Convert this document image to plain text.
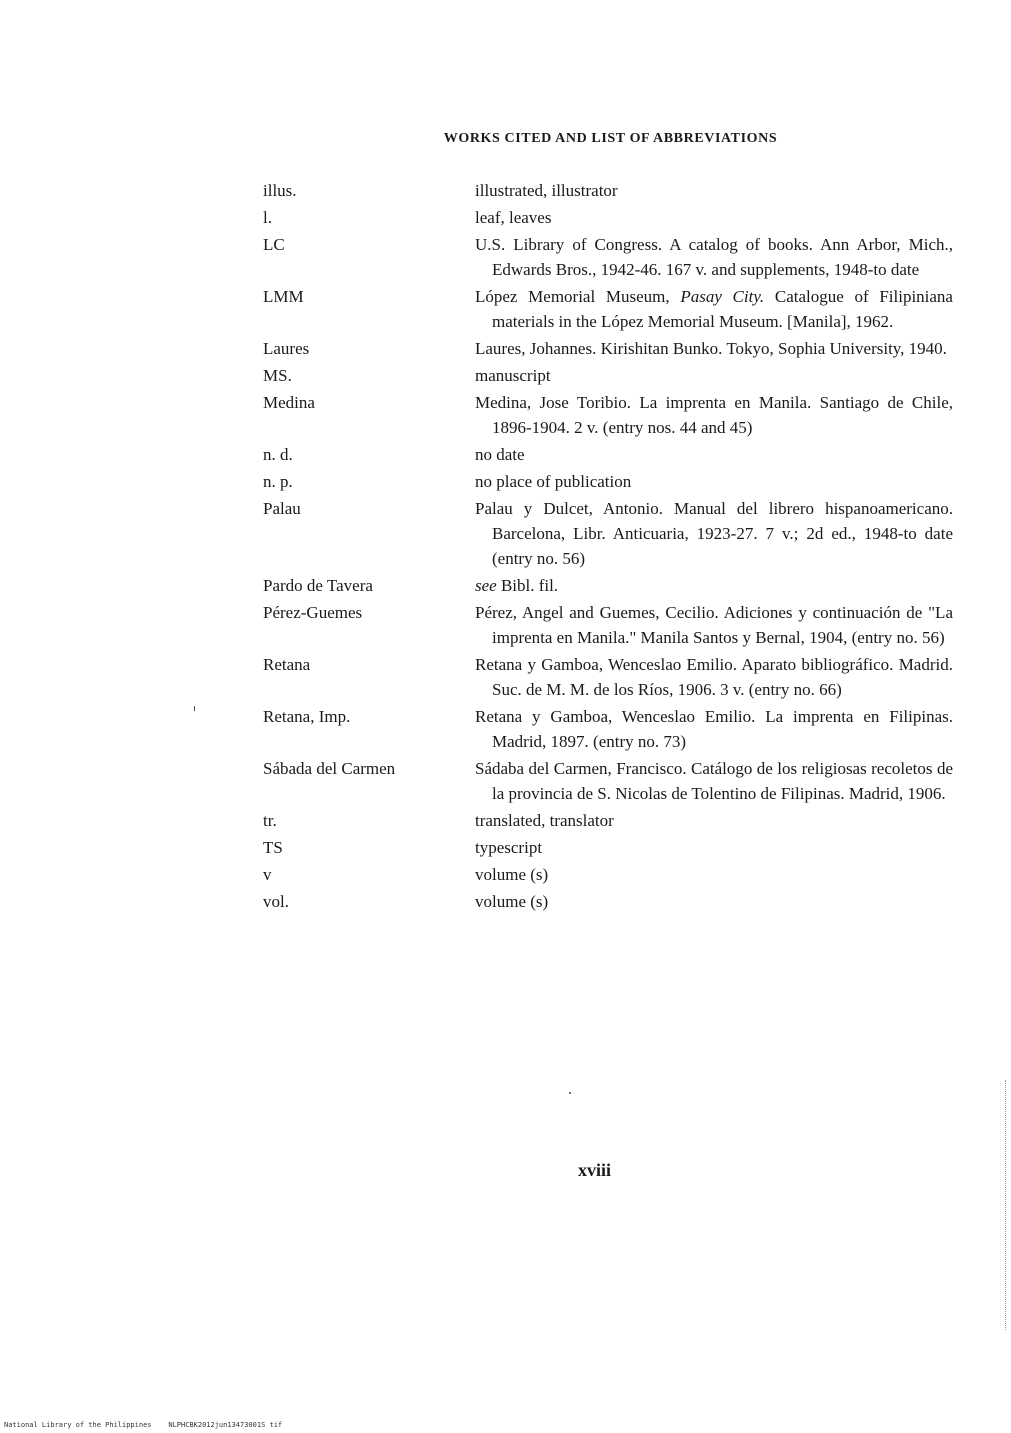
WORKS CITED AND LIST OF ABBREVIATIONS
illus.	illustrated, illustrator
l.	leaf, leaves
LC	U.S. Library of Congress. A catalog of books. Ann Arbor, Mich., Edwards Bros., 1942-46. 167 v. and supplements, 1948-to date
LMM	López Memorial Museum, Pasay City. Catalogue of Filipiniana materials in the López Memorial Museum. [Manila], 1962.
Laures	Laures, Johannes. Kirishitan Bunko. Tokyo, Sophia University, 1940.
MS.	manuscript
Medina	Medina, Jose Toribio. La imprenta en Manila. Santiago de Chile, 1896-1904. 2 v. (entry nos. 44 and 45)
n. d.	no date
n. p.	no place of publication
Palau	Palau y Dulcet, Antonio. Manual del librero hispanoamericano. Barcelona, Libr. Anticuaria, 1923-27. 7 v.; 2d ed., 1948-to date (entry no. 56)
Pardo de Tavera	see Bibl. fil.
Pérez-Guemes	Pérez, Angel and Guemes, Cecilio. Adiciones y continuación de "La imprenta en Manila." Manila Santos y Bernal, 1904, (entry no. 56)
Retana	Retana y Gamboa, Wenceslao Emilio. Aparato bibliográfico. Madrid. Suc. de M. M. de los Ríos, 1906. 3 v. (entry no. 66)
Retana, Imp.	Retana y Gamboa, Wenceslao Emilio. La imprenta en Filipinas. Madrid, 1897. (entry no. 73)
Sábada del Carmen	Sádaba del Carmen, Francisco. Catálogo de los religiosas recoletos de la provincia de S. Nicolas de Tolentino de Filipinas. Madrid, 1906.
tr.	translated, translator
TS	typescript
v	volume (s)
vol.	volume (s)
xviii
National Library of the Philippines    NLPHCBK2012jun13473001S tif
